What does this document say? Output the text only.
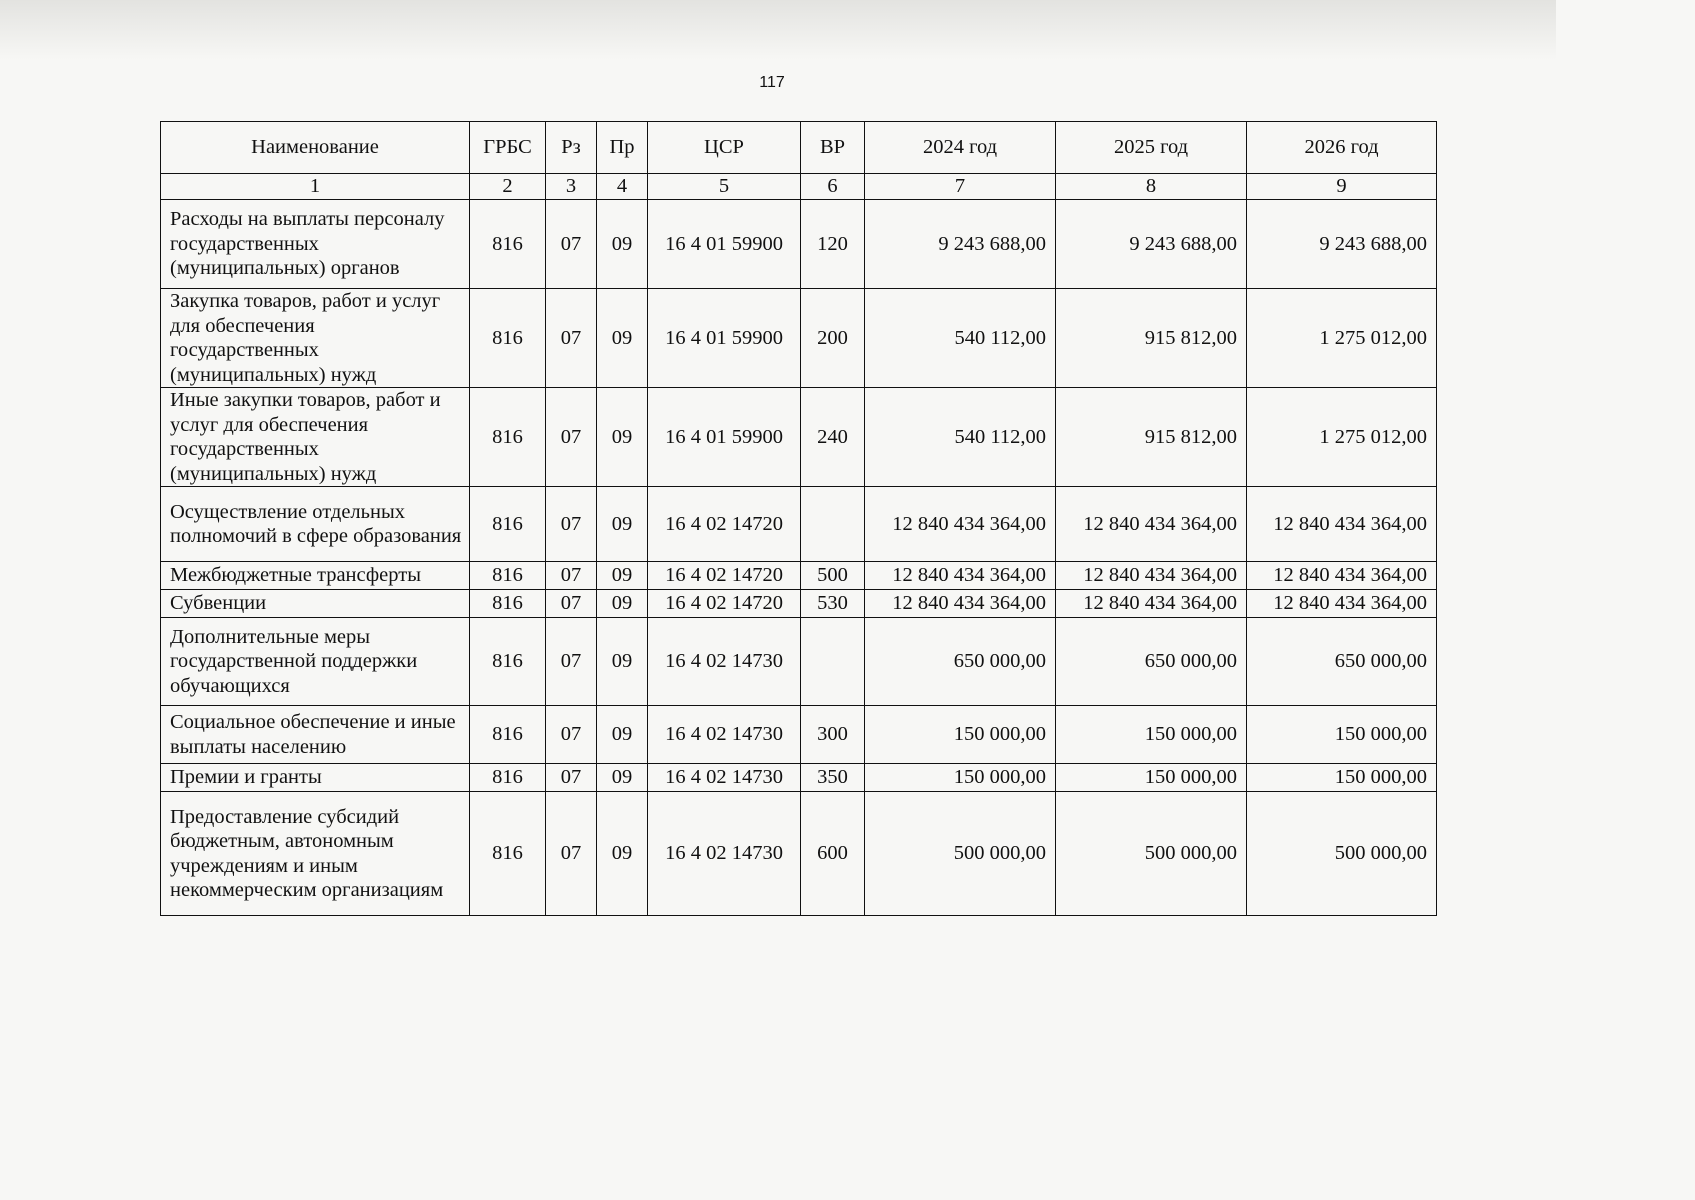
117
Наименование	ГРБС	Рз	Пр	ЦСР	ВР	2024 год	2025 год	2026 год
1	2	3	4	5	6	7	8	9
Расходы на выплаты персоналу государственных (муниципальных) органов	816	07	09	16 4 01 59900	120	9 243 688,00	9 243 688,00	9 243 688,00
Закупка товаров, работ и услуг для обеспечения государственных (муниципальных) нужд	816	07	09	16 4 01 59900	200	540 112,00	915 812,00	1 275 012,00
Иные закупки товаров, работ и услуг для обеспечения государственных (муниципальных) нужд	816	07	09	16 4 01 59900	240	540 112,00	915 812,00	1 275 012,00
Осуществление отдельных полномочий в сфере образования	816	07	09	16 4 02 14720		12 840 434 364,00	12 840 434 364,00	12 840 434 364,00
Межбюджетные трансферты	816	07	09	16 4 02 14720	500	12 840 434 364,00	12 840 434 364,00	12 840 434 364,00
Субвенции	816	07	09	16 4 02 14720	530	12 840 434 364,00	12 840 434 364,00	12 840 434 364,00
Дополнительные меры государственной поддержки обучающихся	816	07	09	16 4 02 14730		650 000,00	650 000,00	650 000,00
Социальное обеспечение и иные выплаты населению	816	07	09	16 4 02 14730	300	150 000,00	150 000,00	150 000,00
Премии и гранты	816	07	09	16 4 02 14730	350	150 000,00	150 000,00	150 000,00
Предоставление субсидий бюджетным, автономным учреждениям и иным некоммерческим организациям	816	07	09	16 4 02 14730	600	500 000,00	500 000,00	500 000,00
